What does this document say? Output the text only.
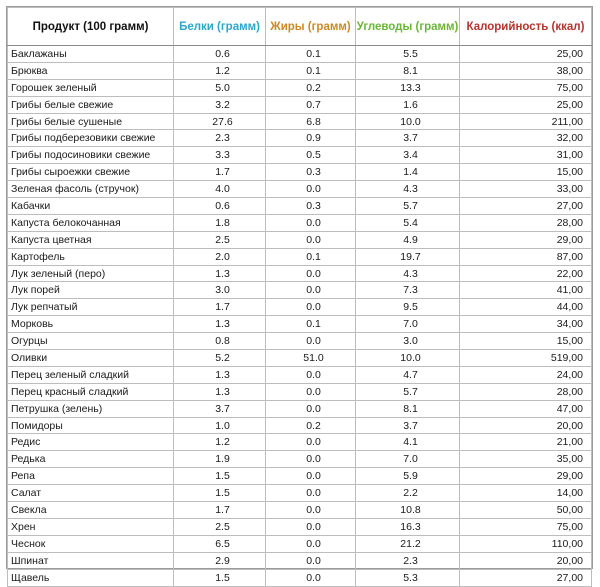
Продукт (100 грамм)	Белки (грамм)	Жиры (грамм)	Углеводы (грамм)	Калорийность (ккал)
Баклажаны	0.6	0.1	5.5	25,00
Брюква	1.2	0.1	8.1	38,00
Горошек зеленый	5.0	0.2	13.3	75,00
Грибы белые свежие	3.2	0.7	1.6	25,00
Грибы белые сушеные	27.6	6.8	10.0	211,00
Грибы подберезовики свежие	2.3	0.9	3.7	32,00
Грибы подосиновики свежие	3.3	0.5	3.4	31,00
Грибы сыроежки свежие	1.7	0.3	1.4	15,00
Зеленая фасоль (стручок)	4.0	0.0	4.3	33,00
Кабачки	0.6	0.3	5.7	27,00
Капуста белокочанная	1.8	0.0	5.4	28,00
Капуста цветная	2.5	0.0	4.9	29,00
Картофель	2.0	0.1	19.7	87,00
Лук зеленый (перо)	1.3	0.0	4.3	22,00
Лук порей	3.0	0.0	7.3	41,00
Лук репчатый	1.7	0.0	9.5	44,00
Морковь	1.3	0.1	7.0	34,00
Огурцы	0.8	0.0	3.0	15,00
Оливки	5.2	51.0	10.0	519,00
Перец зеленый сладкий	1.3	0.0	4.7	24,00
Перец красный сладкий	1.3	0.0	5.7	28,00
Петрушка (зелень)	3.7	0.0	8.1	47,00
Помидоры	1.0	0.2	3.7	20,00
Редис	1.2	0.0	4.1	21,00
Редька	1.9	0.0	7.0	35,00
Репа	1.5	0.0	5.9	29,00
Салат	1.5	0.0	2.2	14,00
Свекла	1.7	0.0	10.8	50,00
Хрен	2.5	0.0	16.3	75,00
Чеснок	6.5	0.0	21.2	110,00
Шпинат	2.9	0.0	2.3	20,00
Щавель	1.5	0.0	5.3	27,00
